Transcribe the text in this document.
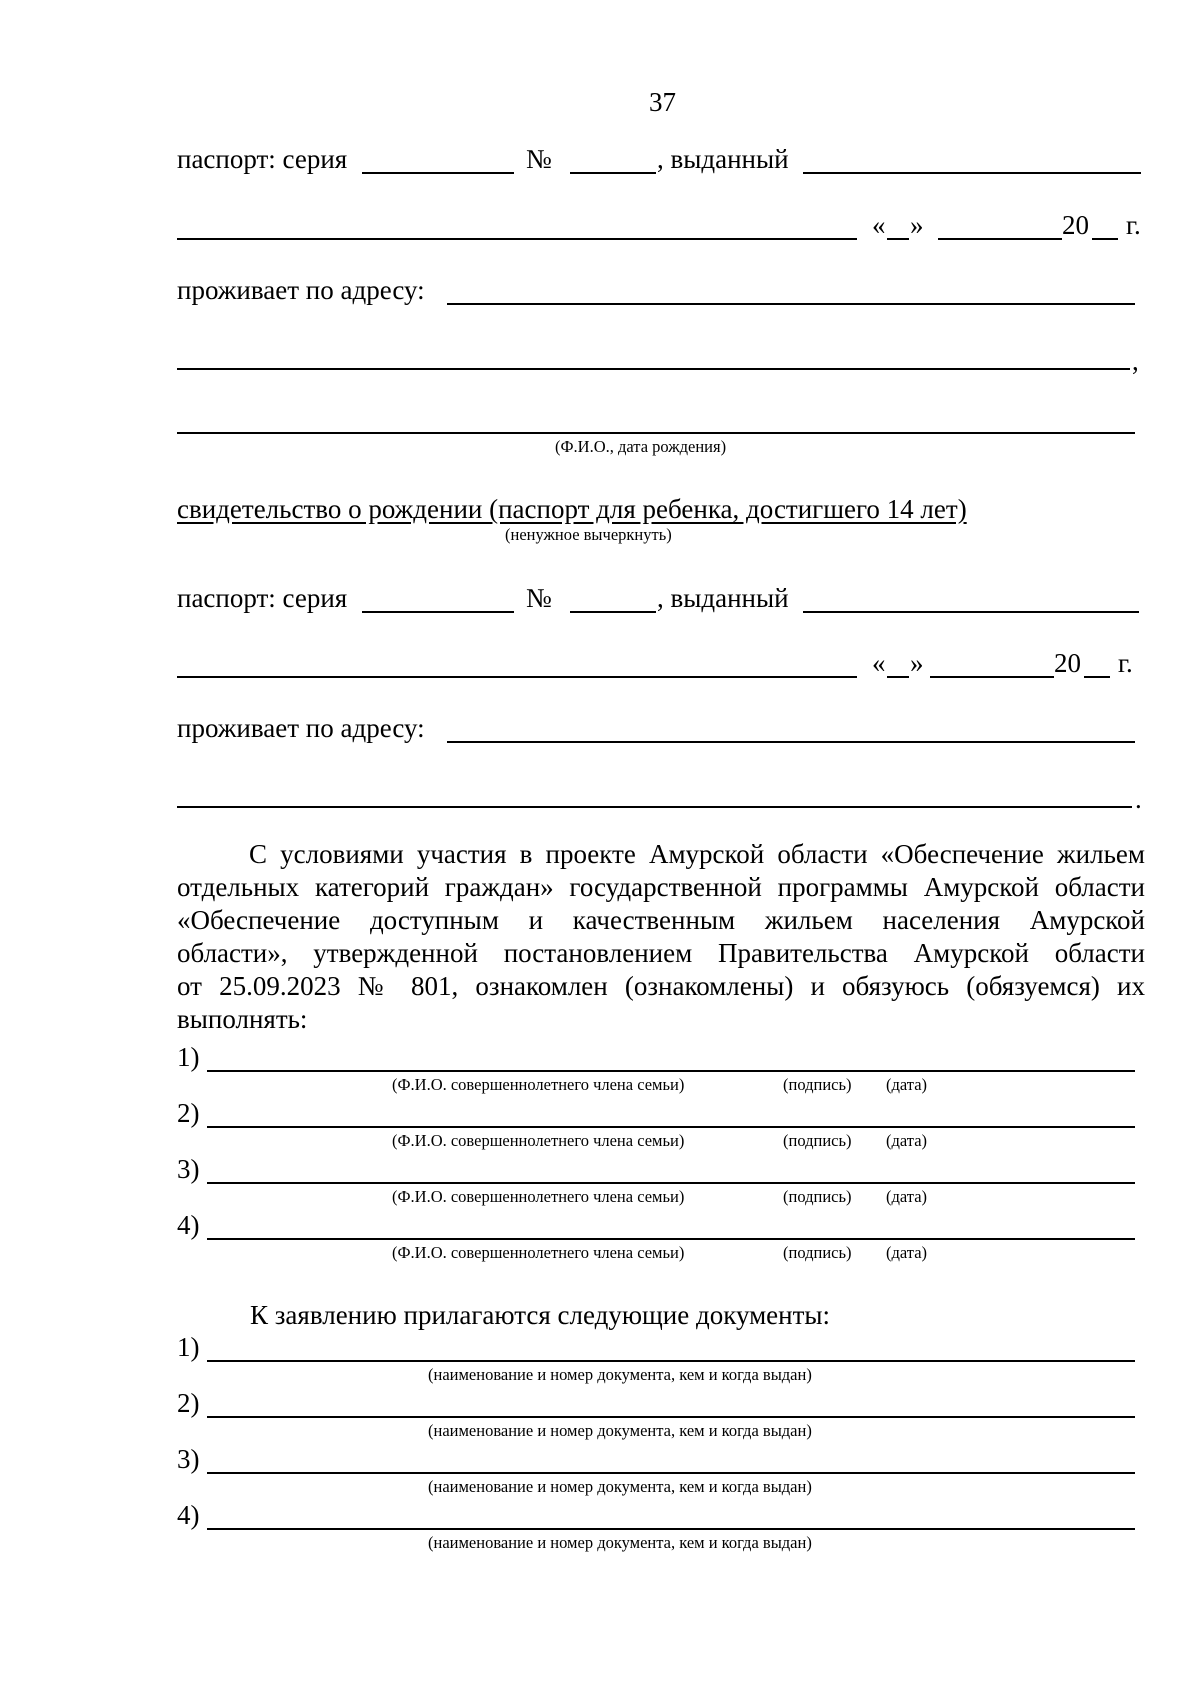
37
паспорт: серия	№	, выданный
« »	20 г.
проживает по адресу:
,
(Ф.И.О., дата рождения)
свидетельство о рождении (паспорт для ребенка, достигшего 14 лет)
(ненужное вычеркнуть)
паспорт: серия	№	, выданный
« »	20 г.
проживает по адресу:
.
С условиями участия в проекте Амурской области «Обеспечение жильем
отдельных категорий граждан» государственной программы Амурской области
«Обеспечение доступным и качественным жильем населения Амурской
области», утвержденной постановлением Правительства Амурской области
от 25.09.2023 № 801, ознакомлен (ознакомлены) и обязуюсь (обязуемся) их
выполнять:
1)
(Ф.И.О. совершеннолетнего члена семьи)	(подпись) (дата)
2)
(Ф.И.О. совершеннолетнего члена семьи)	(подпись) (дата)
3)
(Ф.И.О. совершеннолетнего члена семьи)	(подпись) (дата)
4)
(Ф.И.О. совершеннолетнего члена семьи)	(подпись) (дата)
К заявлению прилагаются следующие документы:
1)
(наименование и номер документа, кем и когда выдан)
2)
(наименование и номер документа, кем и когда выдан)
3)
(наименование и номер документа, кем и когда выдан)
4)
(наименование и номер документа, кем и когда выдан)
